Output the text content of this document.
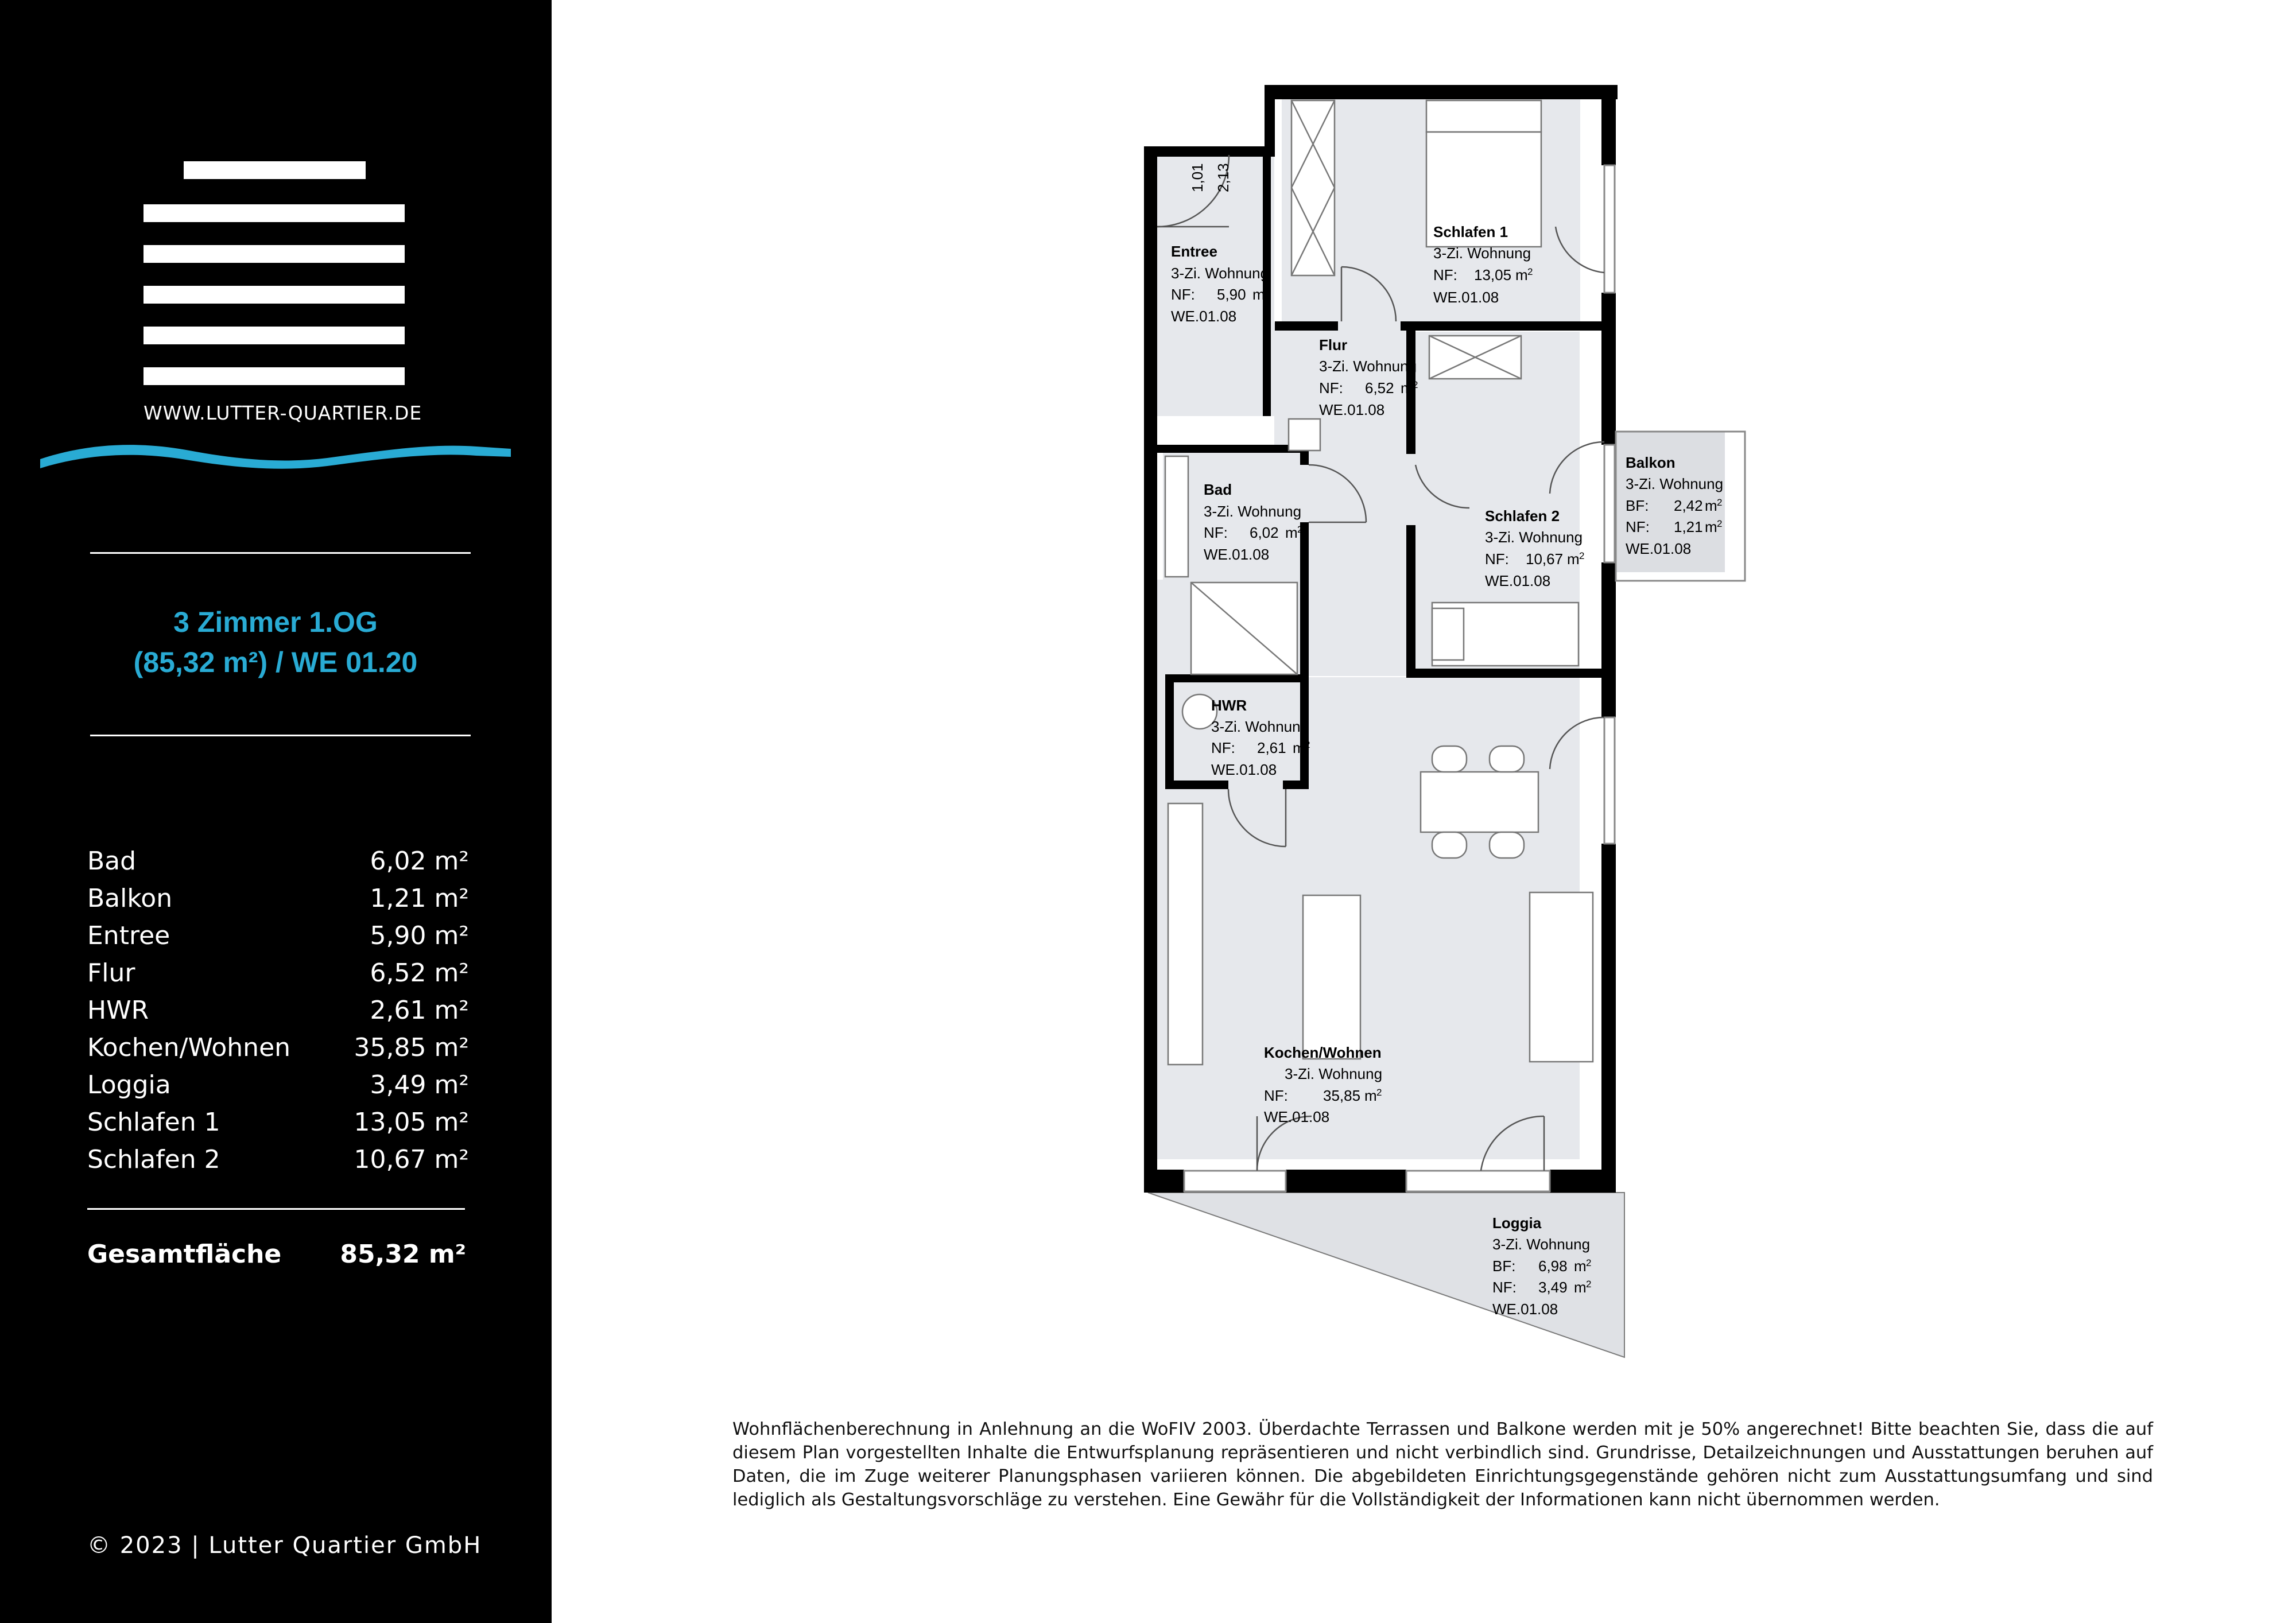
WWW.LUTTER-QUARTIER.DE
3 Zimmer 1.OG
(85,32 m²) / WE 01.20
Bad	6,02 m²
Balkon	1,21 m²
Entree	5,90 m²
Flur	6,52 m²
HWR	2,61 m²
Kochen/Wohnen	35,85 m²
Loggia	3,49 m²
Schlafen 1	13,05 m²
Schlafen 2	10,67 m²
Gesamtfläche 85,32 m²
© 2023 | Lutter Quartier GmbH
1,01 2,13
Entree
3-Zi. Wohnung
NF: 5,90 m 2
WE.01.08
Schlafen 1
3-Zi. Wohnung
NF: 13,05 m 2
WE.01.08
Flur
3-Zi. Wohnung
NF: 6,52 m 2
WE.01.08
Bad
3-Zi. Wohnung
NF: 6,02 m 2
WE.01.08
Schlafen 2
3-Zi. Wohnung
NF: 10,67 m 2
WE.01.08
Balkon
3-Zi. Wohnung
BF: 2,42 m 2
NF: 1,21 m 2
WE.01.08
HWR
3-Zi. Wohnung
NF: 2,61 m 2
WE.01.08
Kochen/Wohnen
3-Zi. Wohnung
NF: 35,85 m 2
WE.01.08
Loggia
3-Zi. Wohnung
BF: 6,98 m 2
NF: 3,49 m 2
WE.01.08
Wohnflächenberechnung in Anlehnung an die WoFIV 2003. Überdachte Terrassen und Balkone werden mit je 50% angerechnet! Bitte beachten Sie, dass die auf diesem Plan vorgestellten Inhalte die Entwurfsplanung repräsentieren und nicht verbindlich sind. Grundrisse, Detailzeichnungen und Ausstattungen beruhen auf Daten, die im Zuge weiterer Planungsphasen variieren können. Die abgebildeten Einrichtungsgegenstände gehören nicht zum Ausstattungsumfang und sind lediglich als Gestaltungsvorschläge zu verstehen. Eine Gewähr für die Vollständigkeit der Informationen kann nicht übernommen werden.
